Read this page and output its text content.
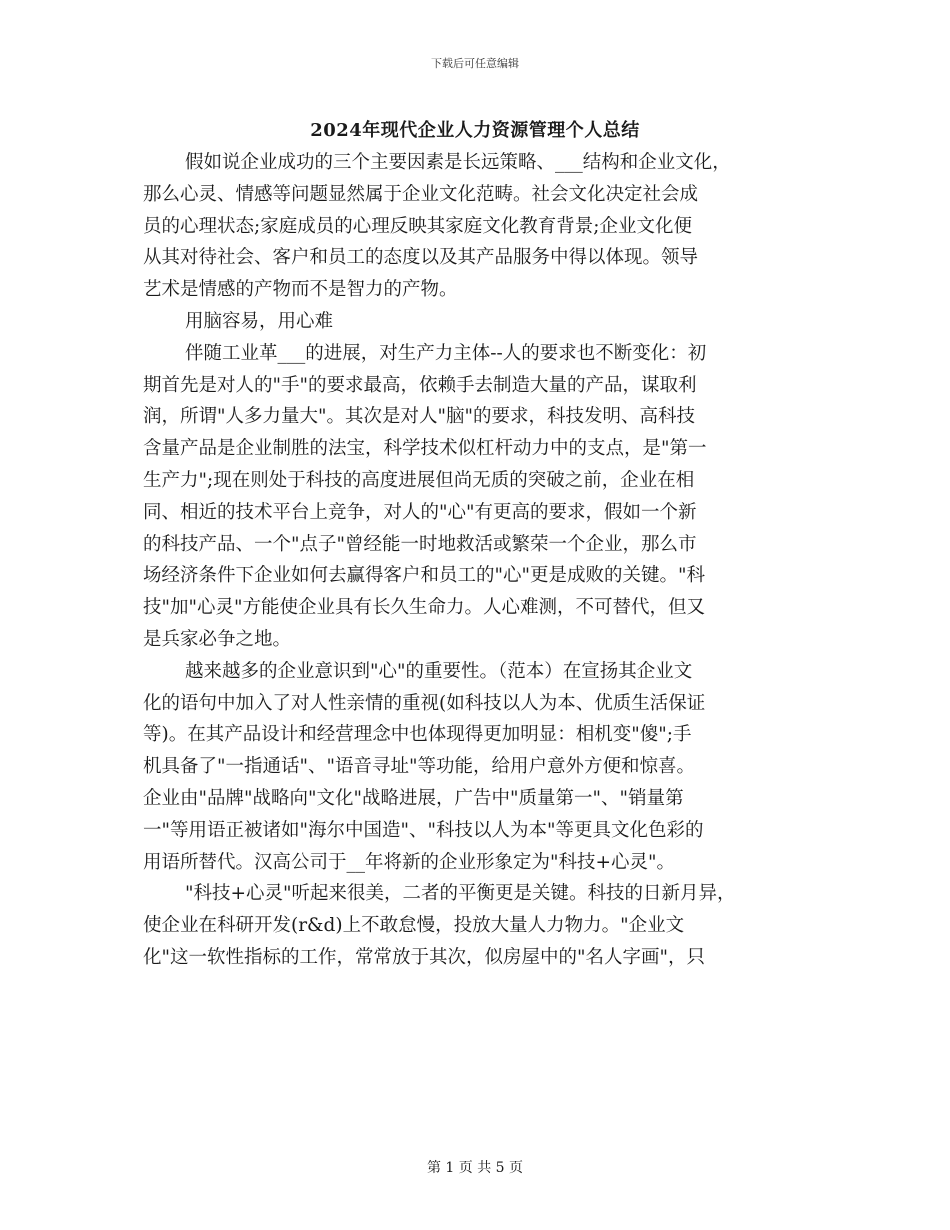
下载后可任意编辑
2024年现代企业人力资源管理个人总结
假如说企业成功的三个主要因素是长远策略、___结构和企业文化，
那么心灵、情感等问题显然属于企业文化范畴。社会文化决定社会成
员的心理状态;家庭成员的心理反映其家庭文化教育背景;企业文化便
从其对待社会、客户和员工的态度以及其产品服务中得以体现。领导
艺术是情感的产物而不是智力的产物。
用脑容易，用心难
伴随工业革___的进展，对生产力主体--人的要求也不断变化：初
期首先是对人的"手"的要求最高，依赖手去制造大量的产品，谋取利
润，所谓"人多力量大"。其次是对人"脑"的要求，科技发明、高科技
含量产品是企业制胜的法宝，科学技术似杠杆动力中的支点，是"第一
生产力";现在则处于科技的高度进展但尚无质的突破之前，企业在相
同、相近的技术平台上竞争，对人的"心"有更高的要求，假如一个新
的科技产品、一个"点子"曾经能一时地救活或繁荣一个企业，那么市
场经济条件下企业如何去赢得客户和员工的"心"更是成败的关键。"科
技"加"心灵"方能使企业具有长久生命力。人心难测，不可替代，但又
是兵家必争之地。
越来越多的企业意识到"心"的重要性。（范本）在宣扬其企业文
化的语句中加入了对人性亲情的重视(如科技以人为本、优质生活保证
等)。在其产品设计和经营理念中也体现得更加明显：相机变"傻";手
机具备了"一指通话"、"语音寻址"等功能，给用户意外方便和惊喜。
企业由"品牌"战略向"文化"战略进展，广告中"质量第一"、"销量第
一"等用语正被诸如"海尔中国造"、"科技以人为本"等更具文化色彩的
用语所替代。汉高公司于__年将新的企业形象定为"科技+心灵"。
"科技+心灵"听起来很美，二者的平衡更是关键。科技的日新月异，
使企业在科研开发(r&d)上不敢怠慢，投放大量人力物力。"企业文
化"这一软性指标的工作，常常放于其次，似房屋中的"名人字画"，只
第 1 页 共 5 页
